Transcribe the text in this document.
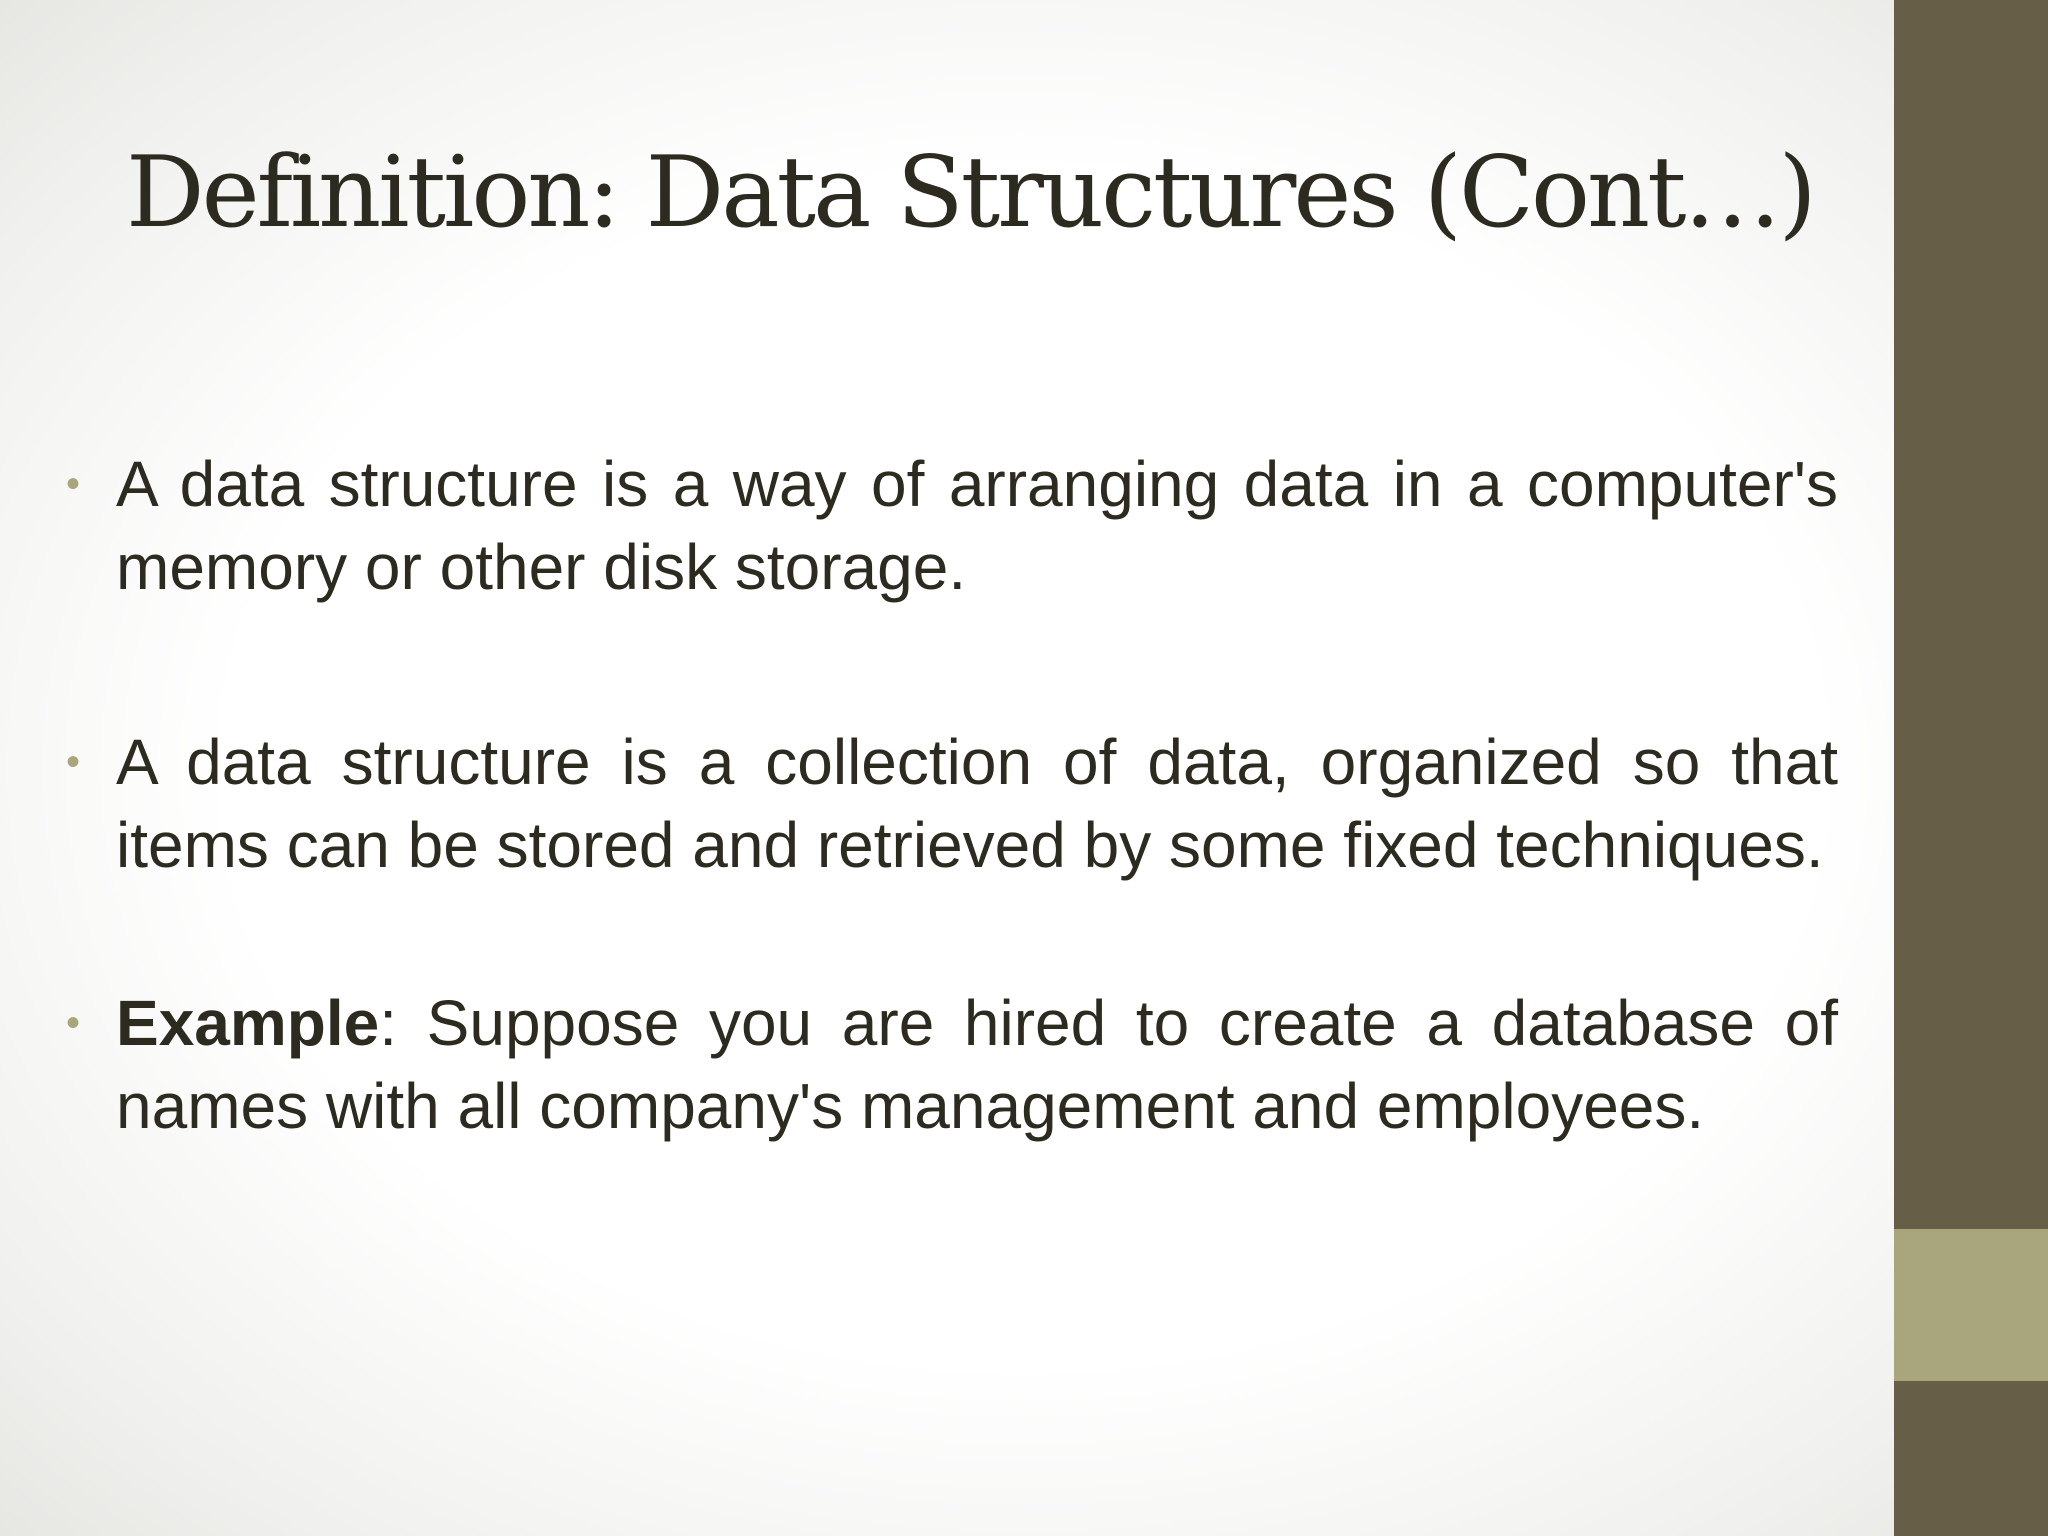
Definition: Data Structures (Cont…)
• A data structure is a way of arranging data in a computer's memory or other disk storage.

• A data structure is a collection of data, organized so that items can be stored and retrieved by some fixed techniques.

• Example: Suppose you are hired to create a database of names with all company's management and employees.
